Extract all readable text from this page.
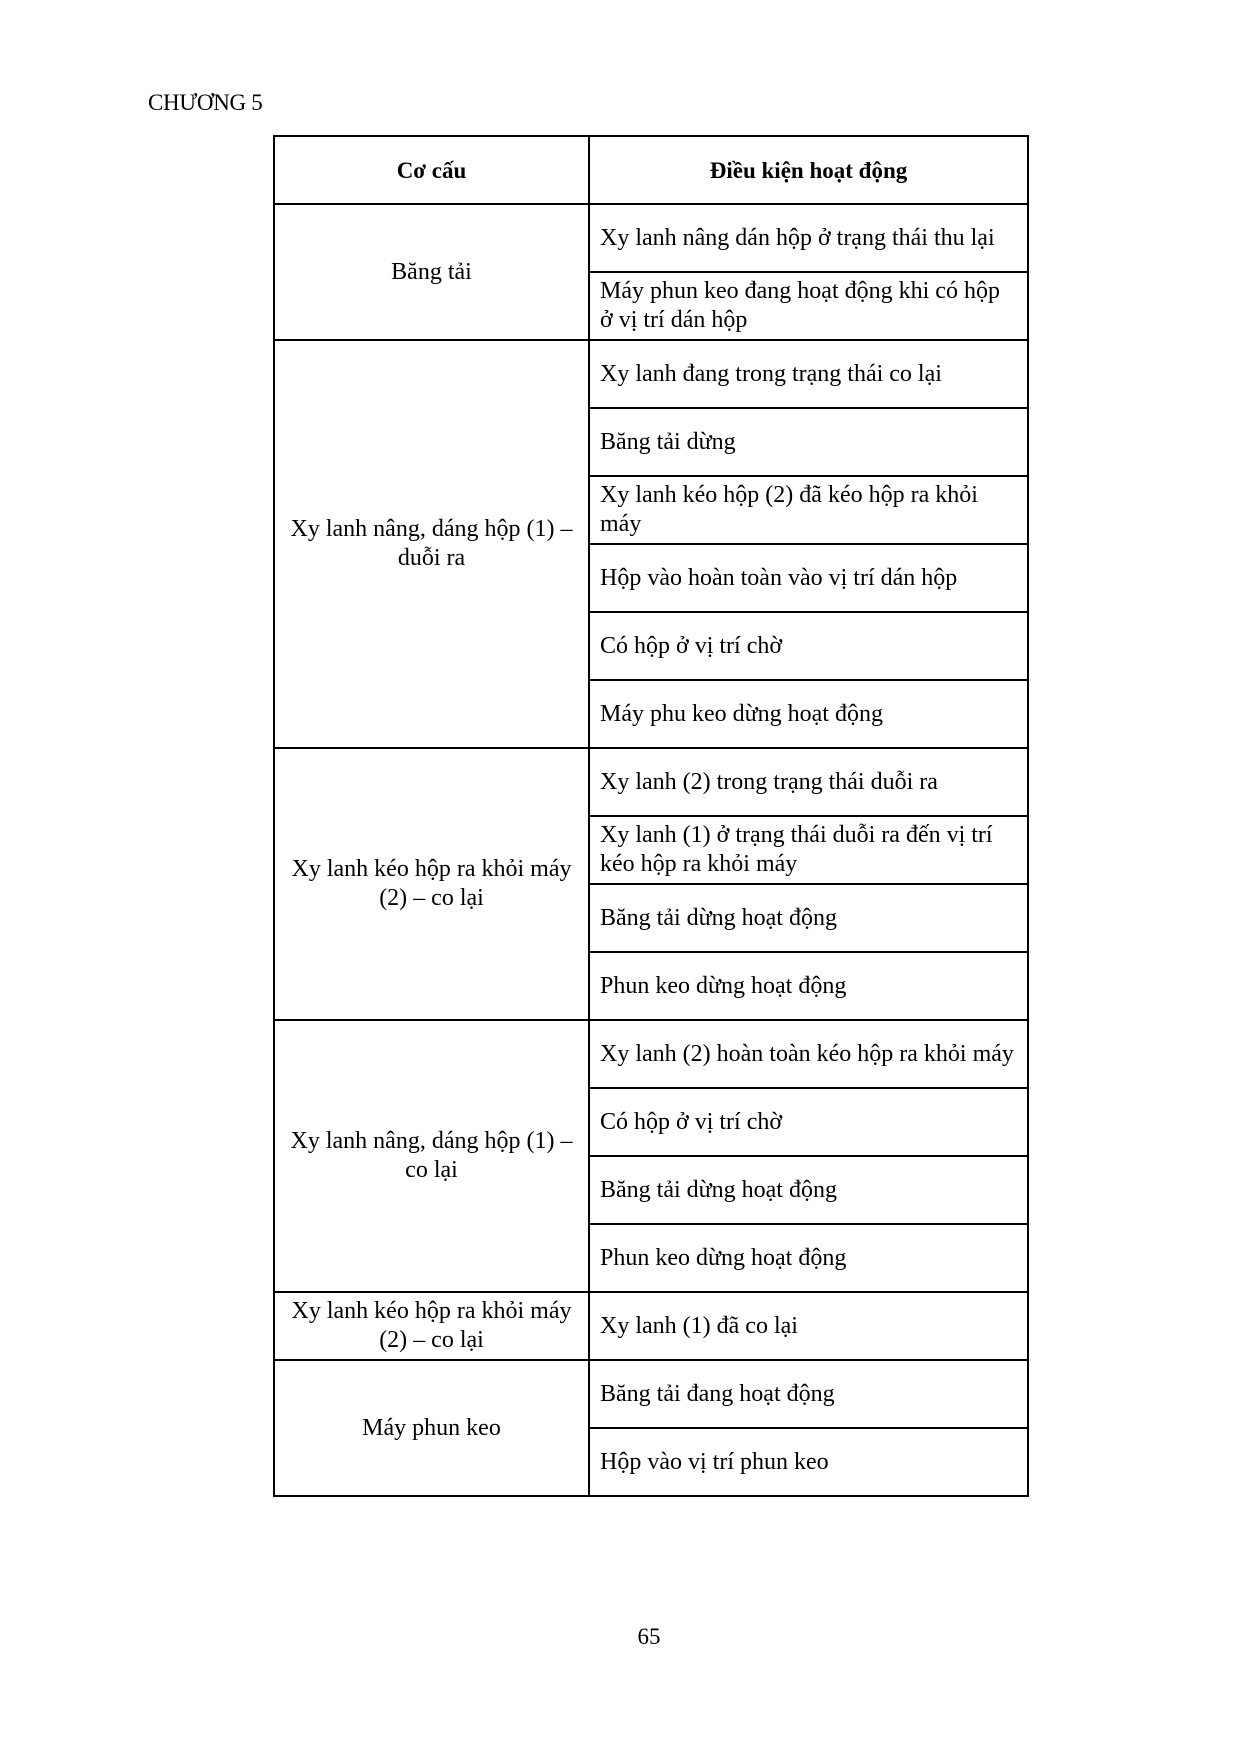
CHƯƠNG 5
Cơ cấu	Điều kiện hoạt động
Băng tải	Xy lanh nâng dán hộp ở trạng thái thu lại
	Máy phun keo đang hoạt động khi có hộp ở vị trí dán hộp
Xy lanh nâng, dáng hộp (1) – duỗi ra	Xy lanh đang trong trạng thái co lại
	Băng tải dừng
	Xy lanh kéo hộp (2) đã kéo hộp ra khỏi máy
	Hộp vào hoàn toàn vào vị trí dán hộp
	Có hộp ở vị trí chờ
	Máy phu keo dừng hoạt động
Xy lanh kéo hộp ra khỏi máy (2) – co lại	Xy lanh (2) trong trạng thái duỗi ra
	Xy lanh (1) ở trạng thái duỗi ra đến vị trí kéo hộp ra khỏi máy
	Băng tải dừng hoạt động
	Phun keo dừng hoạt động
Xy lanh nâng, dáng hộp (1) – co lại	Xy lanh (2) hoàn toàn kéo hộp ra khỏi máy
	Có hộp ở vị trí chờ
	Băng tải dừng hoạt động
	Phun keo dừng hoạt động
Xy lanh kéo hộp ra khỏi máy (2) – co lại	Xy lanh (1) đã co lại
Máy phun keo	Băng tải đang hoạt động
	Hộp vào vị trí phun keo
65
